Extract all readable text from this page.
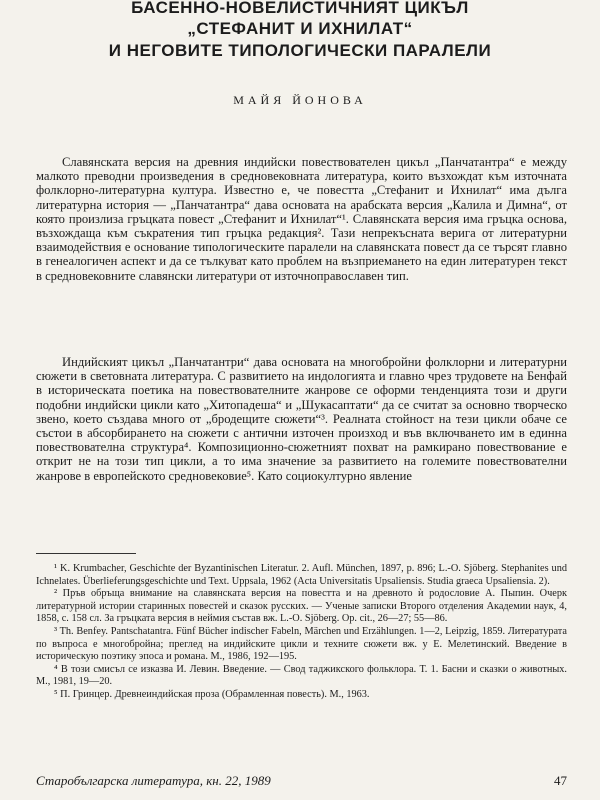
БАСЕННО-НОВЕЛИСТИЧНИЯТ ЦИКЪЛ
„СТЕФАНИТ И ИХНИЛАТ“
И НЕГОВИТЕ ТИПОЛОГИЧЕСКИ ПАРАЛЕЛИ
МАЙЯ ЙОНОВА
Славянската версия на древния индийски повествователен цикъл „Панчатантра“ е между малкото преводни произведения в средновековната литература, които възхождат към източната фолклорно-литературна култура. Известно е, че повестта „Стефанит и Ихнилат“ има дълга литературна история — „Панчатантра“ дава основата на арабската версия „Калила и Димна“, от която произлиза гръцката повест „Стефанит и Ихнилат“¹. Славянската версия има гръцка основа, възхождаща към съкратения тип гръцка редакция². Тази непрекъсната верига от литературни взаимодействия е основание типологическите паралели на славянската повест да се търсят главно в генеалогичен аспект и да се тълкуват като проблем на възприемането на един литературен текст в средновековните славянски литератури от източноправославен тип.
Индийският цикъл „Панчатантри“ дава основата на многобройни фолклорни и литературни сюжети в световната литература. С развитието на индологията и главно чрез трудовете на Бенфай в историческата поетика на повествователните жанрове се оформи тенденцията този и други подобни индийски цикли като „Хитопадеша“ и „Шукасаптати“ да се считат за основно творческо звено, което създава много от „бродещите сюжети“³. Реалната стойност на тези цикли обаче се състои в абсорбирането на сюжети с антични източен произход и във включването им в единна повествователна структура⁴. Композиционно-сюжетният похват на рамкирано повествование е открит не на този тип цикли, а то има значение за развитието на големите повествователни жанрове в европейското средновековие⁵. Като социокултурно явление

¹ K. Krumbacher, Geschichte der Byzantinischen Literatur. 2. Aufl. München, 1897, p. 896; L.-O. Sjöberg. Stephanites und Ichnelates. Überlieferungsgeschichte und Text. Uppsala, 1962 (Acta Universitatis Upsaliensis. Studia graeca Upsaliensia. 2).

² Пръв обръща внимание на славянската версия на повестта и на древното ѝ родословие А. Пыпин. Очерк литературной истории старинных повестей и сказок русских. — Ученые записки Второго отделения Академии наук, 4, 1858, с. 158 сл. За гръцката версия в неймия състав вж. L.-O. Sjöberg. Op. cit., 26—27; 55—86.

³ Th. Benfey. Pantschatantra. Fünf Bücher indischer Fabeln, Märchen und Erzählungen. 1—2, Leipzig, 1859. Литературата по въпроса е многобройна; преглед на индийските цикли и техните сюжети вж. у Е. Мелетинский. Введение в историческую поэтику эпоса и романа. М., 1986, 192—195.

⁴ В този смисъл се изказва И. Левин. Введение. — Свод таджикского фольклора. Т. 1. Басни и сказки о животных. М., 1981, 19—20.

⁵ П. Гринцер. Древнеиндийская проза (Обрамленная повесть). М., 1963.

Старобългарска литература, кн. 22, 1989	47
